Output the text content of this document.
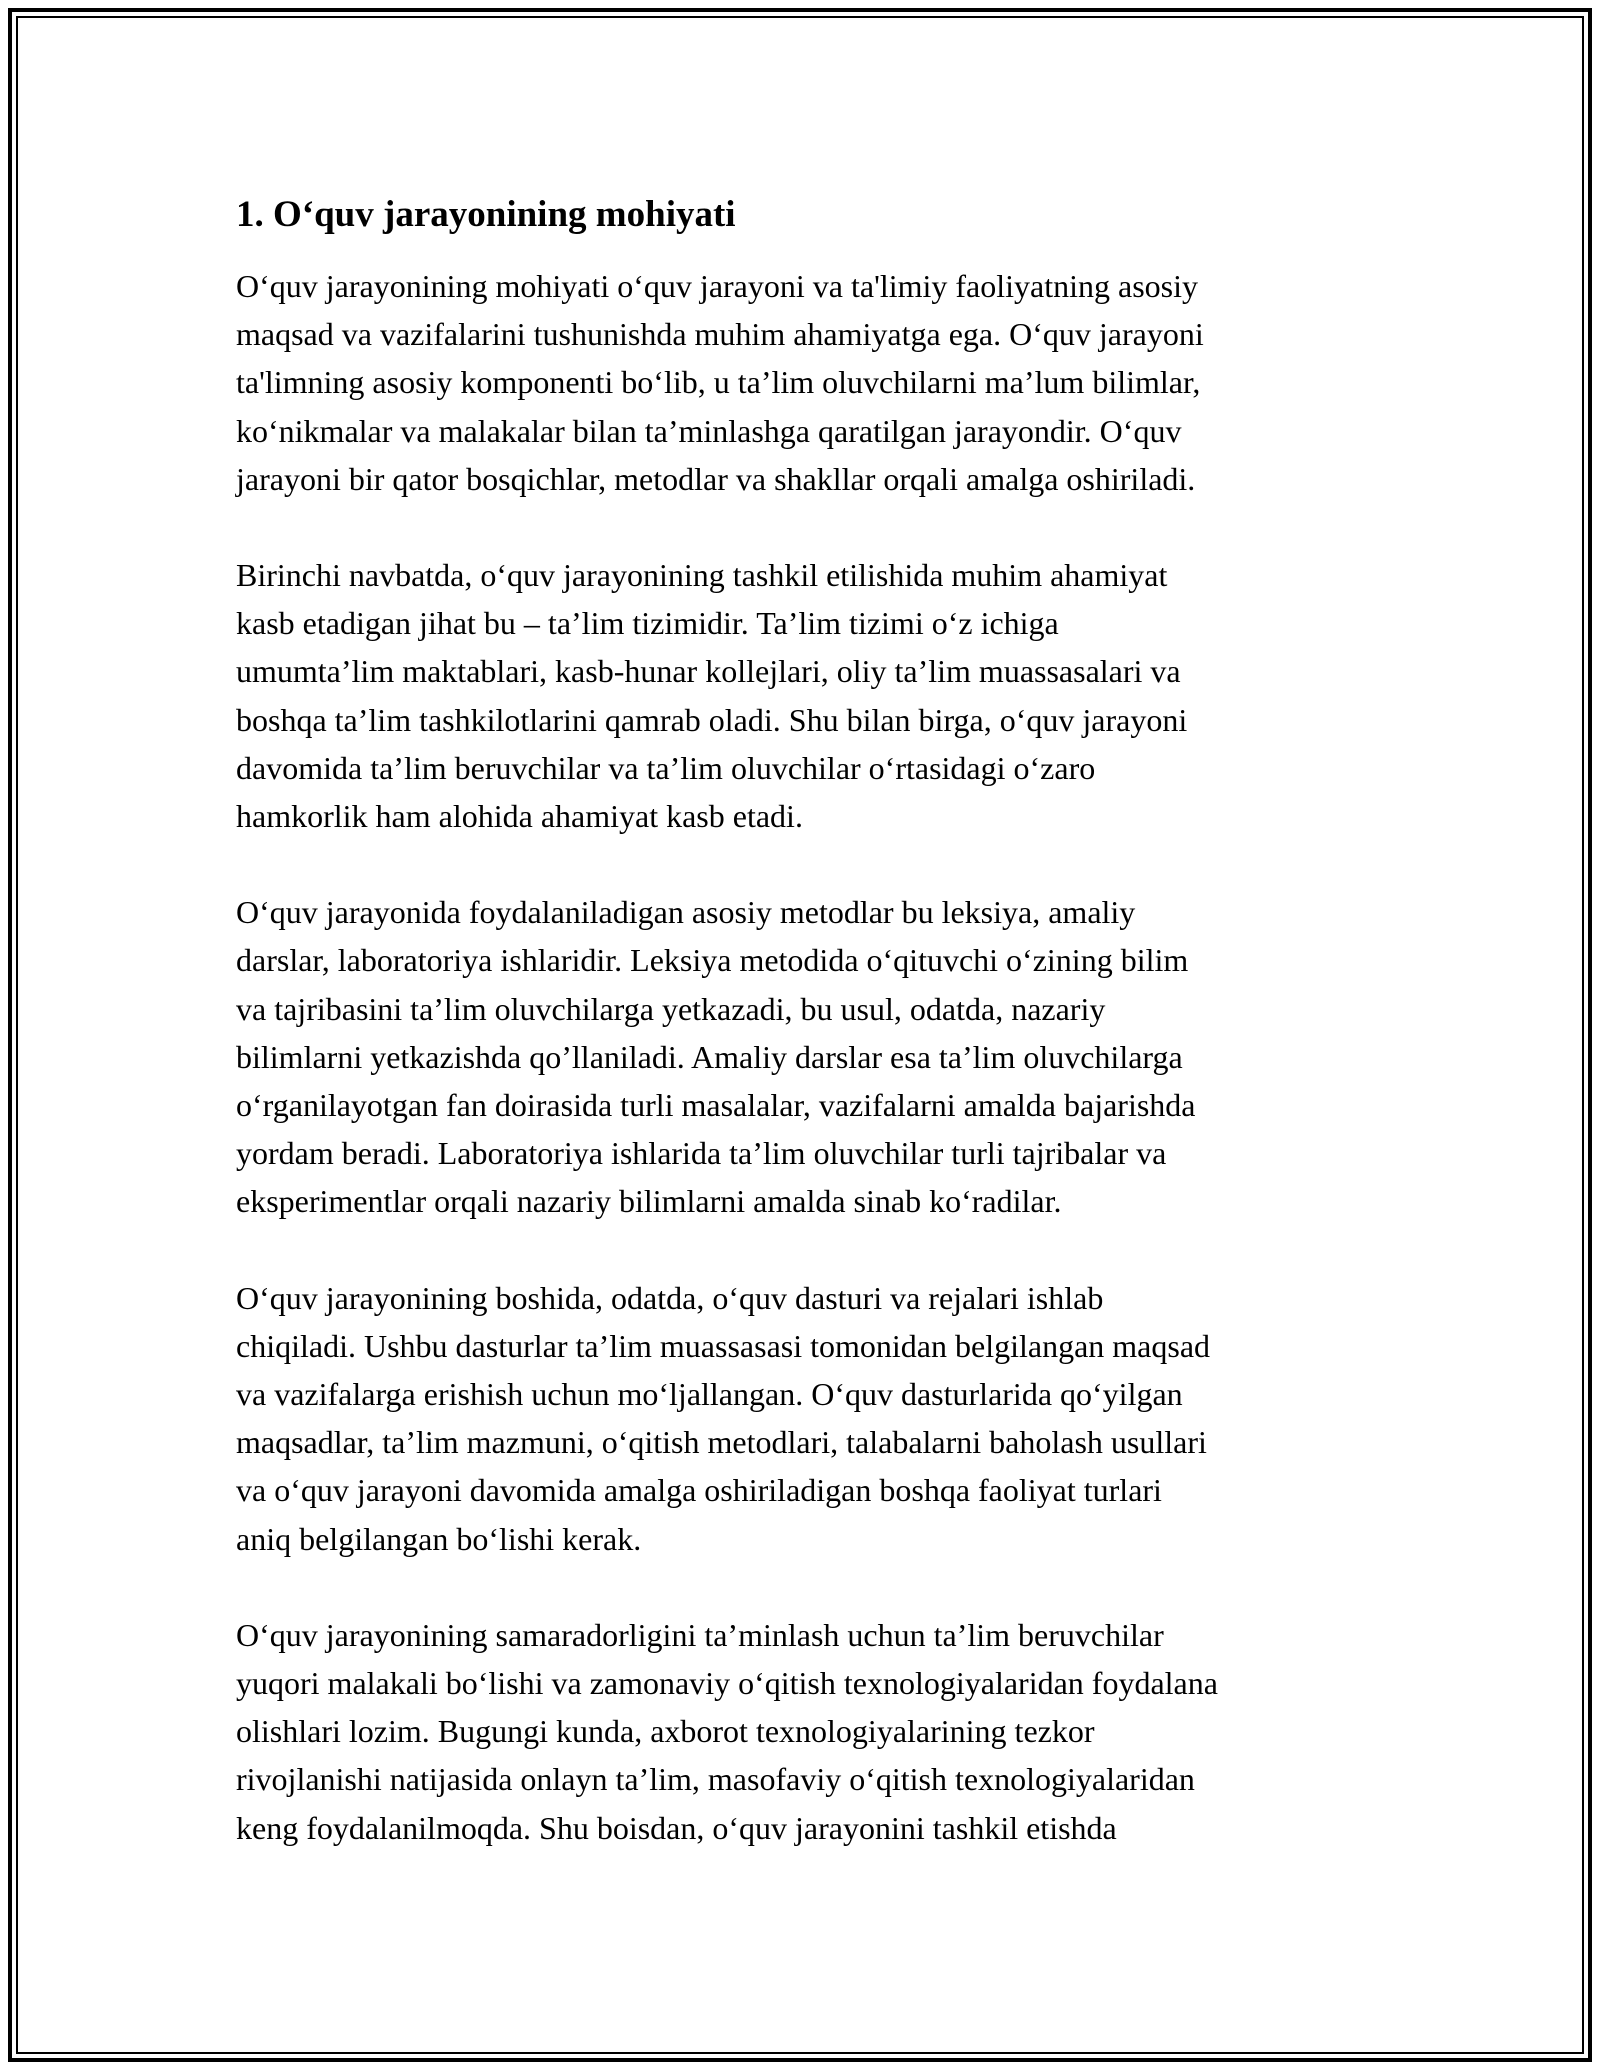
1. O‘quv jarayonining mohiyati

O‘quv jarayonining mohiyati o‘quv jarayoni va ta'limiy faoliyatning asosiy
maqsad va vazifalarini tushunishda muhim ahamiyatga ega. O‘quv jarayoni
ta'limning asosiy komponenti bo‘lib, u ta’lim oluvchilarni ma’lum bilimlar,
ko‘nikmalar va malakalar bilan ta’minlashga qaratilgan jarayondir. O‘quv
jarayoni bir qator bosqichlar, metodlar va shakllar orqali amalga oshiriladi.

Birinchi navbatda, o‘quv jarayonining tashkil etilishida muhim ahamiyat
kasb etadigan jihat bu – ta’lim tizimidir. Ta’lim tizimi o‘z ichiga
umumta’lim maktablari, kasb-hunar kollejlari, oliy ta’lim muassasalari va
boshqa ta’lim tashkilotlarini qamrab oladi. Shu bilan birga, o‘quv jarayoni
davomida ta’lim beruvchilar va ta’lim oluvchilar o‘rtasidagi o‘zaro
hamkorlik ham alohida ahamiyat kasb etadi.

O‘quv jarayonida foydalaniladigan asosiy metodlar bu leksiya, amaliy
darslar, laboratoriya ishlaridir. Leksiya metodida o‘qituvchi o‘zining bilim
va tajribasini ta’lim oluvchilarga yetkazadi, bu usul, odatda, nazariy
bilimlarni yetkazishda qo’llaniladi. Amaliy darslar esa ta’lim oluvchilarga
o‘rganilayotgan fan doirasida turli masalalar, vazifalarni amalda bajarishda
yordam beradi. Laboratoriya ishlarida ta’lim oluvchilar turli tajribalar va
eksperimentlar orqali nazariy bilimlarni amalda sinab ko‘radilar.

O‘quv jarayonining boshida, odatda, o‘quv dasturi va rejalari ishlab
chiqiladi. Ushbu dasturlar ta’lim muassasasi tomonidan belgilangan maqsad
va vazifalarga erishish uchun mo‘ljallangan. O‘quv dasturlarida qo‘yilgan
maqsadlar, ta’lim mazmuni, o‘qitish metodlari, talabalarni baholash usullari
va o‘quv jarayoni davomida amalga oshiriladigan boshqa faoliyat turlari
aniq belgilangan bo‘lishi kerak.

O‘quv jarayonining samaradorligini ta’minlash uchun ta’lim beruvchilar
yuqori malakali bo‘lishi va zamonaviy o‘qitish texnologiyalaridan foydalana
olishlari lozim. Bugungi kunda, axborot texnologiyalarining tezkor
rivojlanishi natijasida onlayn ta’lim, masofaviy o‘qitish texnologiyalaridan
keng foydalanilmoqda. Shu boisdan, o‘quv jarayonini tashkil etishda
